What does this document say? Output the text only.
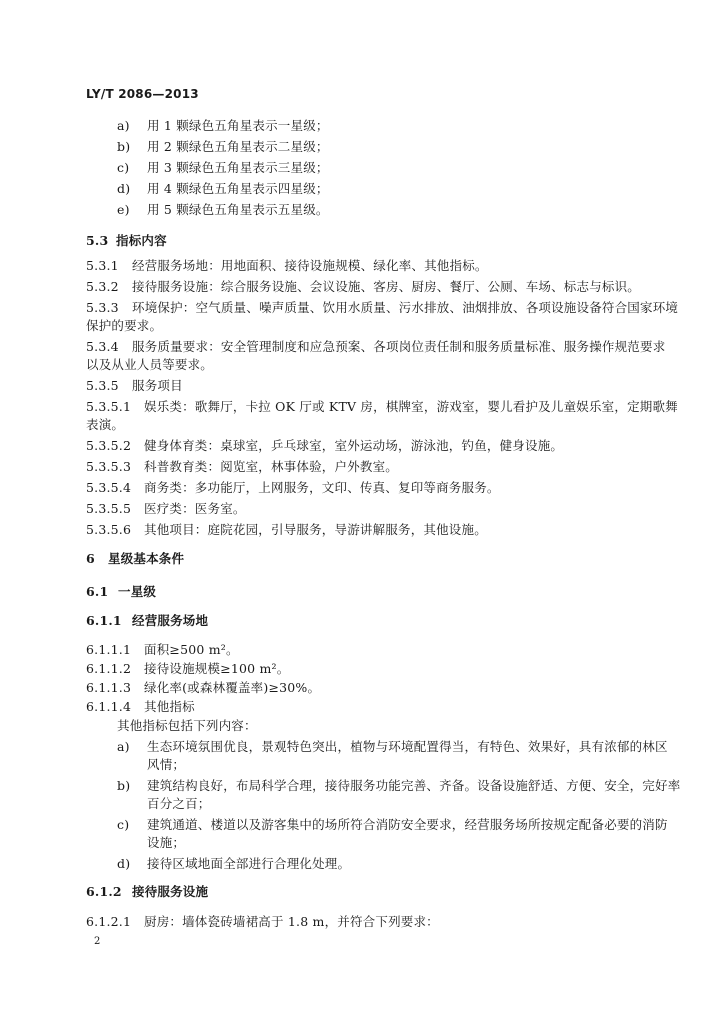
LY/T 2086—2013
a) 用 1 颗绿色五角星表示一星级；
b) 用 2 颗绿色五角星表示二星级；
c) 用 3 颗绿色五角星表示三星级；
d) 用 4 颗绿色五角星表示四星级；
e) 用 5 颗绿色五角星表示五星级。
5.3 指标内容
5.3.1 经营服务场地：用地面积、接待设施规模、绿化率、其他指标。
5.3.2 接待服务设施：综合服务设施、会议设施、客房、厨房、餐厅、公厕、车场、标志与标识。
5.3.3 环境保护：空气质量、噪声质量、饮用水质量、污水排放、油烟排放、各项设施设备符合国家环境
保护的要求。
5.3.4 服务质量要求：安全管理制度和应急预案、各项岗位责任制和服务质量标准、服务操作规范要求
以及从业人员等要求。
5.3.5 服务项目
5.3.5.1 娱乐类：歌舞厅，卡拉 OK 厅或 KTV 房，棋牌室，游戏室，婴儿看护及儿童娱乐室，定期歌舞
表演。
5.3.5.2 健身体育类：桌球室，乒乓球室，室外运动场，游泳池，钓鱼，健身设施。
5.3.5.3 科普教育类：阅览室，林事体验，户外教室。
5.3.5.4 商务类：多功能厅，上网服务，文印、传真、复印等商务服务。
5.3.5.5 医疗类：医务室。
5.3.5.6 其他项目：庭院花园，引导服务，导游讲解服务，其他设施。
6 星级基本条件
6.1 一星级
6.1.1 经营服务场地
6.1.1.1 面积≥500 m²。
6.1.1.2 接待设施规模≥100 m²。
6.1.1.3 绿化率(或森林覆盖率)≥30%。
6.1.1.4 其他指标
其他指标包括下列内容：
a) 生态环境氛围优良，景观特色突出，植物与环境配置得当，有特色、效果好，具有浓郁的林区
风情；
b) 建筑结构良好，布局科学合理，接待服务功能完善、齐备。设备设施舒适、方便、安全，完好率
百分之百；
c) 建筑通道、楼道以及游客集中的场所符合消防安全要求，经营服务场所按规定配备必要的消防
设施；
d) 接待区域地面全部进行合理化处理。
6.1.2 接待服务设施
6.1.2.1 厨房：墙体瓷砖墙裙高于 1.8 m，并符合下列要求：
2
